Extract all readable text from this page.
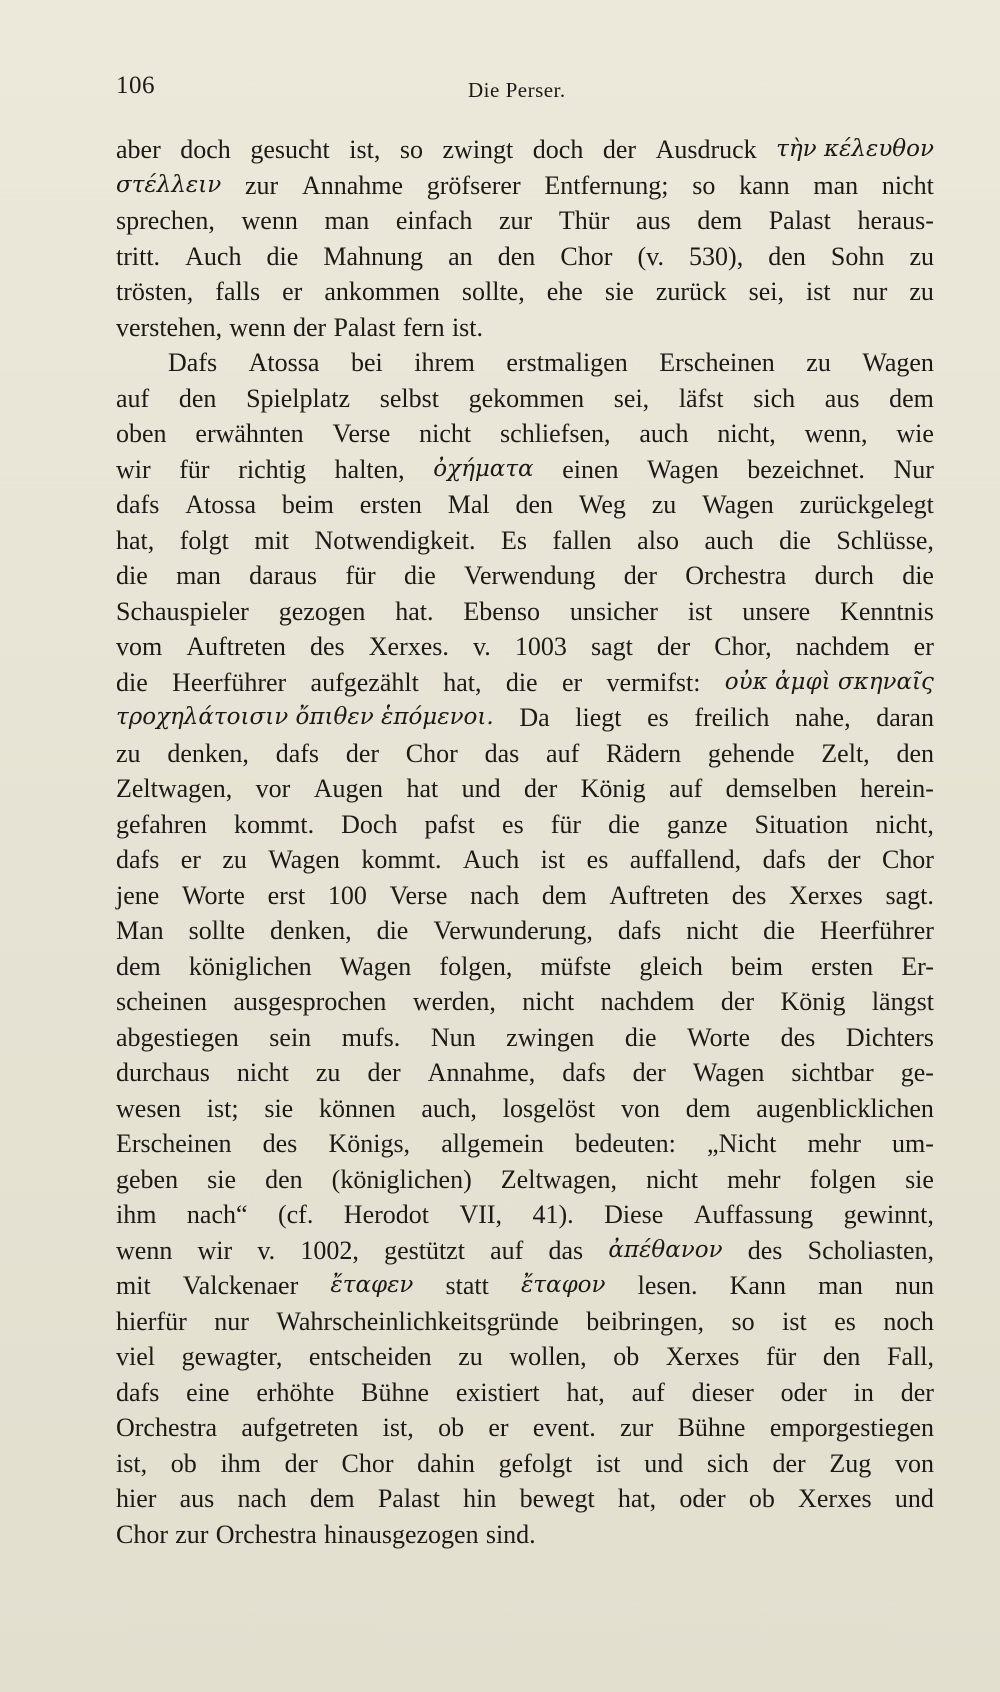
106	Die Perser.
aber doch gesucht ist, so zwingt doch der Ausdruck τὴν κέλευθον
στέλλειν zur Annahme gröfserer Entfernung; so kann man nicht
sprechen, wenn man einfach zur Thür aus dem Palast heraus-
tritt. Auch die Mahnung an den Chor (v. 530), den Sohn zu
trösten, falls er ankommen sollte, ehe sie zurück sei, ist nur zu
verstehen, wenn der Palast fern ist.
Dafs Atossa bei ihrem erstmaligen Erscheinen zu Wagen
auf den Spielplatz selbst gekommen sei, läfst sich aus dem
oben erwähnten Verse nicht schliefsen, auch nicht, wenn, wie
wir für richtig halten, ὀχήματα einen Wagen bezeichnet. Nur
dafs Atossa beim ersten Mal den Weg zu Wagen zurückgelegt
hat, folgt mit Notwendigkeit. Es fallen also auch die Schlüsse,
die man daraus für die Verwendung der Orchestra durch die
Schauspieler gezogen hat. Ebenso unsicher ist unsere Kenntnis
vom Auftreten des Xerxes. v. 1003 sagt der Chor, nachdem er
die Heerführer aufgezählt hat, die er vermifst: οὐκ ἀμφὶ σκηναῖς
τροχηλάτοισιν ὄπιθεν ἑπόμενοι. Da liegt es freilich nahe, daran
zu denken, dafs der Chor das auf Rädern gehende Zelt, den
Zeltwagen, vor Augen hat und der König auf demselben herein-
gefahren kommt. Doch pafst es für die ganze Situation nicht,
dafs er zu Wagen kommt. Auch ist es auffallend, dafs der Chor
jene Worte erst 100 Verse nach dem Auftreten des Xerxes sagt.
Man sollte denken, die Verwunderung, dafs nicht die Heerführer
dem königlichen Wagen folgen, müfste gleich beim ersten Er-
scheinen ausgesprochen werden, nicht nachdem der König längst
abgestiegen sein mufs. Nun zwingen die Worte des Dichters
durchaus nicht zu der Annahme, dafs der Wagen sichtbar ge-
wesen ist; sie können auch, losgelöst von dem augenblicklichen
Erscheinen des Königs, allgemein bedeuten: „Nicht mehr um-
geben sie den (königlichen) Zeltwagen, nicht mehr folgen sie
ihm nach“ (cf. Herodot VII, 41). Diese Auffassung gewinnt,
wenn wir v. 1002, gestützt auf das ἀπέθανον des Scholiasten,
mit Valckenaer ἔταφεν statt ἔταφον lesen. Kann man nun
hierfür nur Wahrscheinlichkeitsgründe beibringen, so ist es noch
viel gewagter, entscheiden zu wollen, ob Xerxes für den Fall,
dafs eine erhöhte Bühne existiert hat, auf dieser oder in der
Orchestra aufgetreten ist, ob er event. zur Bühne emporgestiegen
ist, ob ihm der Chor dahin gefolgt ist und sich der Zug von
hier aus nach dem Palast hin bewegt hat, oder ob Xerxes und
Chor zur Orchestra hinausgezogen sind.
